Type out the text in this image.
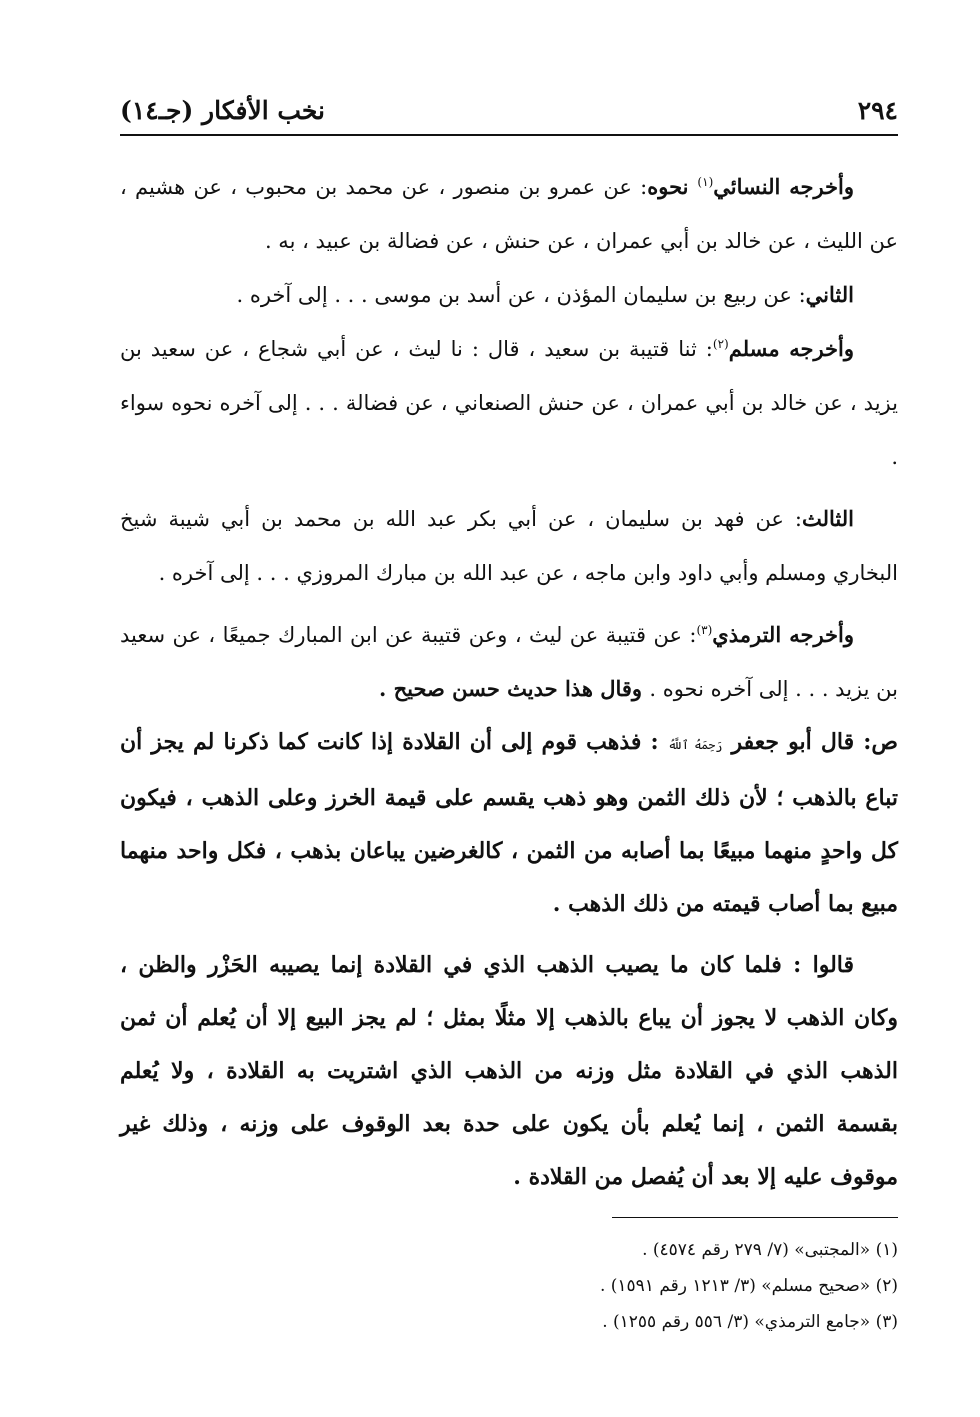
٢٩٤
نخب الأفكار (جـ١٤)

وأخرجه النسائي$^{(١)}$ نحوه: عن عمرو بن منصور ، عن محمد بن محبوب ، عن هشيم ، عن الليث ، عن خالد بن أبي عمران ، عن حنش ، عن فضالة بن عبيد ، به .

الثاني: عن ربيع بن سليمان المؤذن ، عن أسد بن موسى . . . إلى آخره .

وأخرجه مسلم$^{(٢)}$: ثنا قتيبة بن سعيد ، قال : نا ليث ، عن أبي شجاع ، عن سعيد بن يزيد ، عن خالد بن أبي عمران ، عن حنش الصنعاني ، عن فضالة . . . إلى آخره نحوه سواء .

الثالث: عن فهد بن سليمان ، عن أبي بكر عبد الله بن محمد بن أبي شيبة شيخ البخاري ومسلم وأبي داود وابن ماجه ، عن عبد الله بن مبارك المروزي . . . إلى آخره .

وأخرجه الترمذي$^{(٣)}$: عن قتيبة عن ليث ، وعن قتيبة عن ابن المبارك جميعًا ، عن سعيد بن يزيد . . . إلى آخره نحوه . وقال هذا حديث حسن صحيح .

ص: قال أبو جعفر رَحِمَهُ ٱللَّهُ : فذهب قوم إلى أن القلادة إذا كانت كما ذكرنا لم يجز أن تباع بالذهب ؛ لأن ذلك الثمن وهو ذهب يقسم على قيمة الخرز وعلى الذهب ، فيكون كل واحدٍ منهما مبيعًا بما أصابه من الثمن ، كالغرضين يباعان بذهب ، فكل واحد منهما مبيع بما أصاب قيمته من ذلك الذهب .

قالوا : فلما كان ما يصيب الذهب الذي في القلادة إنما يصيبه الحَزْر والظن ، وكان الذهب لا يجوز أن يباع بالذهب إلا مثلًا بمثل ؛ لم يجز البيع إلا أن يُعلم أن ثمن الذهب الذي في القلادة مثل وزنه من الذهب الذي اشتريت به القلادة ، ولا يُعلم بقسمة الثمن ، إنما يُعلم بأن يكون على حدة بعد الوقوف على وزنه ، وذلك غير موقوف عليه إلا بعد أن يُفصل من القلادة .

(١) «المجتبى» (٧/ ٢٧٩ رقم ٤٥٧٤) .
(٢) «صحيح مسلم» (٣/ ١٢١٣ رقم ١٥٩١) .
(٣) «جامع الترمذي» (٣/ ٥٥٦ رقم ١٢٥٥) .
